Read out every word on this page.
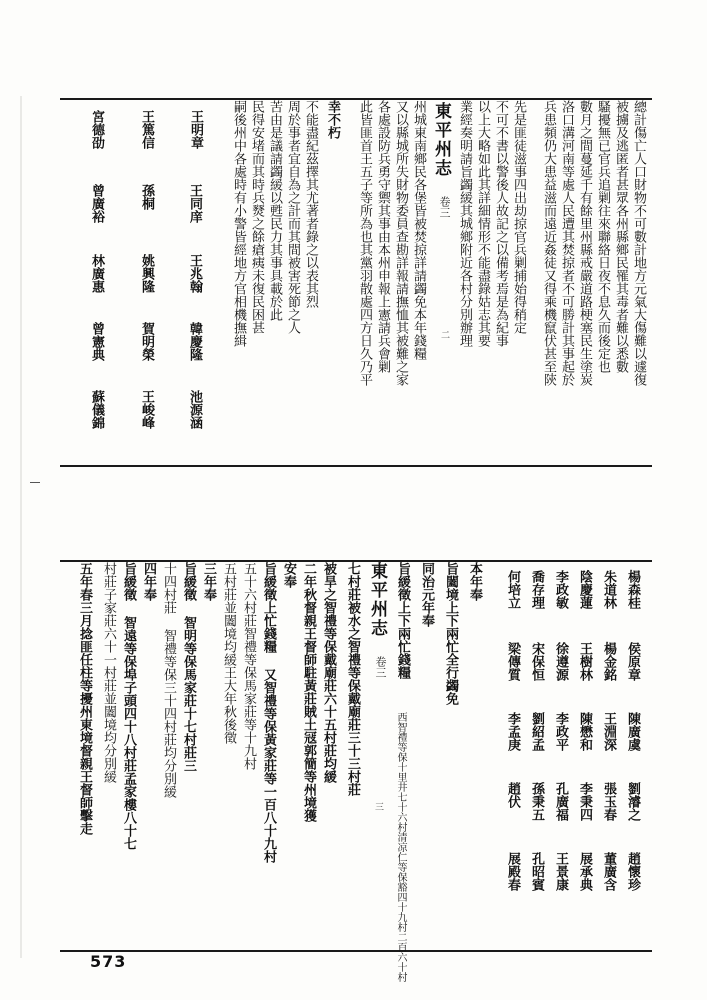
兵患頻仍大患益滋而遠近姦徒又得乘機竄伏甚至陝 洛口溝河南等處人民遭其焚掠者不可勝計其事起於 數月之間蔓延千有餘里州縣戒嚴道路梗塞民生塗炭 騷擾無已官兵追剿往來聯絡日夜不息久而後定也 被擄及逃匿者甚眾各州縣鄉民罹其毒者難以悉數 總計傷亡人口財物不可數計地方元氣大傷難以遽復
此皆匪首王五子等所為也其黨羽散處四方日久乃平 各處設防兵勇守禦其事由本州申報上憲請兵會剿 又以縣城所失財物委員查勘詳報請撫恤其被難之家 州城東南鄉民各堡皆被焚掠詳請蠲免本年錢糧 東平州志
卷三
二 業經奏明請旨蠲緩其城鄉附近各村分別辦理 以上大略如此其詳細情形不能盡錄姑志其要 不可不書以警後人故記之以備考焉是為紀事 先是匪徒滋事四出劫掠官兵剿捕始得稍定
嗣後州中各處時有小警皆經地方官相機撫緝 民得安堵而其時兵燹之餘瘡痍未復民困甚 苦由是議請蠲緩以甦民力其事具載於此 周於事者宜自為之計而其間被害死節之人 不能盡紀茲擇其尤著者錄之以表其烈 幸不朽
王明章
王同庠
王兆翰
韓慶隆
池源涵
王篤信
孫桐
姚興隆
賀明榮
王峻峰
宮德劭
曾廣裕
林廣惠
曾憲典
蘇儀錦
楊森桂
侯原章
陳廣虞
劉濬之
趙懷珍
朱道林
楊金銘
王淵深
張玉春
董廣含
陰慶蓮
王樹林
陳懋和
李秉四
展承典
李政敏
徐遵源
李政平
孔廣福
王景康
喬存理
宋保恒
劉紹孟
孫秉五
孔昭賓
何培立
梁傳質
李孟庚
趙伏
展殿春
本年奉
旨闔境上下兩忙全行蠲免
同治元年奉
旨緩徵上下兩忙錢糧
西智禮等保十里井七十六村清凉仁等保豁四十九村二百六十村
東平州志
卷三
三
七村莊被水之智禮等保戴廟莊三十三村莊
被旱之智禮等保戴廟莊六十五村莊均緩
二年秋督親王督師駐黃莊賊土冦郭簡等州境獲
安奉
旨緩徵上忙錢糧 又智禮等保黃家莊等一百八十九村
五十六村莊智禮等保馬家莊等十九村
五村莊並闔境均緩王大年秋後徵
三年奉
旨緩徵 智明等保馬家莊十七村莊三
十四村莊 智禮等保三十四村莊均分別緩
四年奉
旨緩徵 智遠等保埠子頭四十八村莊孟家樓八十七
村莊子家莊六十一村莊並闔境均分別緩
五年春三月捻匪任柱等擾州東境督親王督師擊走
573
